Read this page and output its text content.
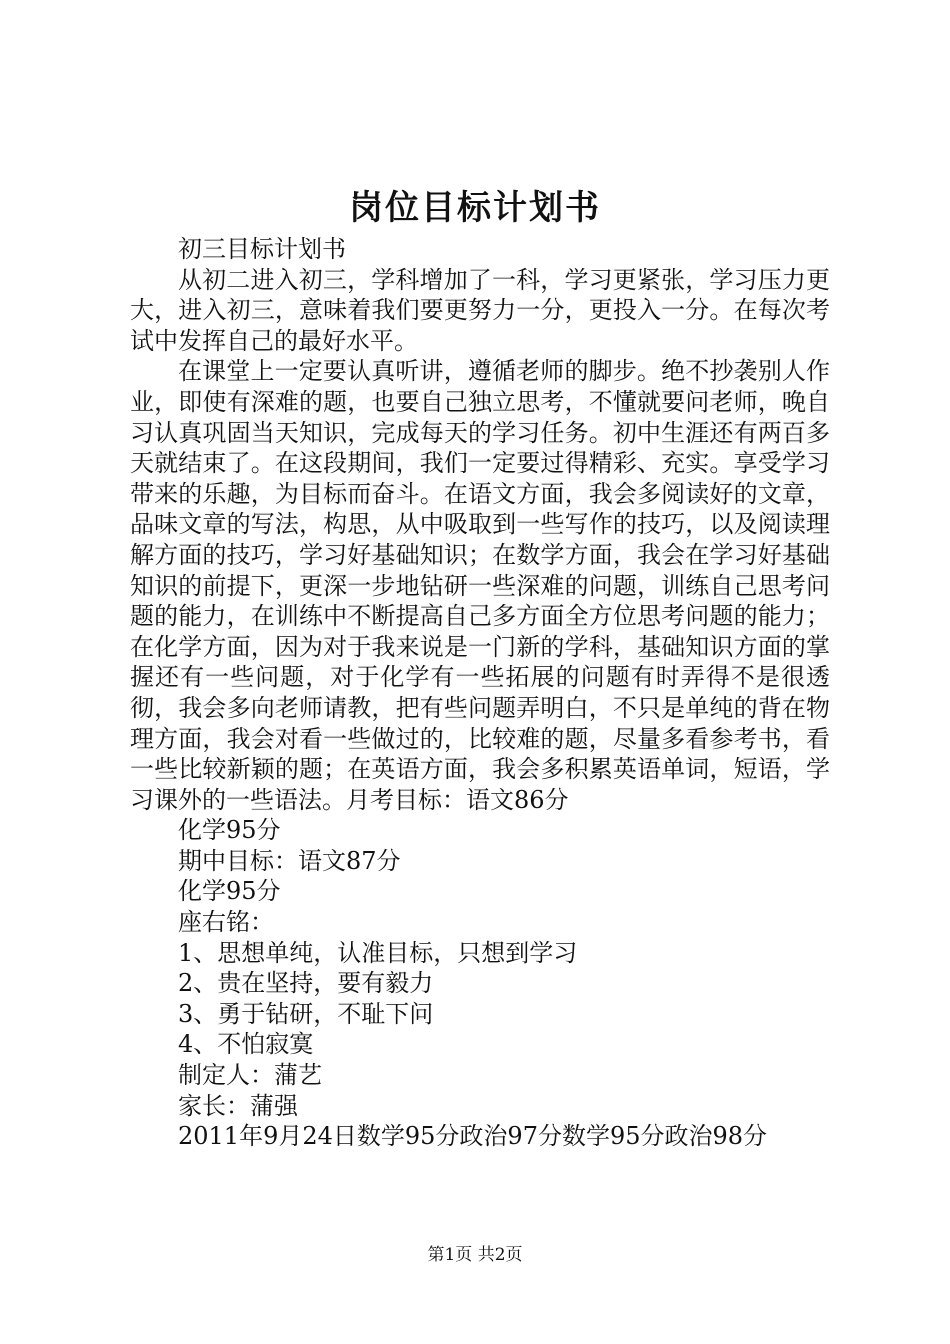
岗位目标计划书

初三目标计划书

从初二进入初三，学科增加了一科，学习更紧张，学习压力更大，进入初三，意味着我们要更努力一分，更投入一分。在每次考试中发挥自己的最好水平。

在课堂上一定要认真听讲，遵循老师的脚步。绝不抄袭别人作业，即使有深难的题，也要自己独立思考，不懂就要问老师，晚自习认真巩固当天知识，完成每天的学习任务。初中生涯还有两百多天就结束了。在这段期间，我们一定要过得精彩、充实。享受学习带来的乐趣，为目标而奋斗。在语文方面，我会多阅读好的文章，品味文章的写法，构思，从中吸取到一些写作的技巧，以及阅读理解方面的技巧，学习好基础知识；在数学方面，我会在学习好基础知识的前提下，更深一步地钻研一些深难的问题，训练自己思考问题的能力，在训练中不断提高自己多方面全方位思考问题的能力；在化学方面，因为对于我来说是一门新的学科，基础知识方面的掌握还有一些问题，对于化学有一些拓展的问题有时弄得不是很透彻，我会多向老师请教，把有些问题弄明白，不只是单纯的背在物理方面，我会对看一些做过的，比较难的题，尽量多看参考书，看一些比较新颖的题；在英语方面，我会多积累英语单词，短语，学习课外的一些语法。月考目标：语文86分

化学95分

期中目标：语文87分

化学95分

座右铭：

1、思想单纯，认准目标，只想到学习

2、贵在坚持，要有毅力

3、勇于钻研，不耻下问

4、不怕寂寞

制定人：蒲艺

家长：蒲强

2011年9月24日数学95分政治97分数学95分政治98分

第1页 共2页
